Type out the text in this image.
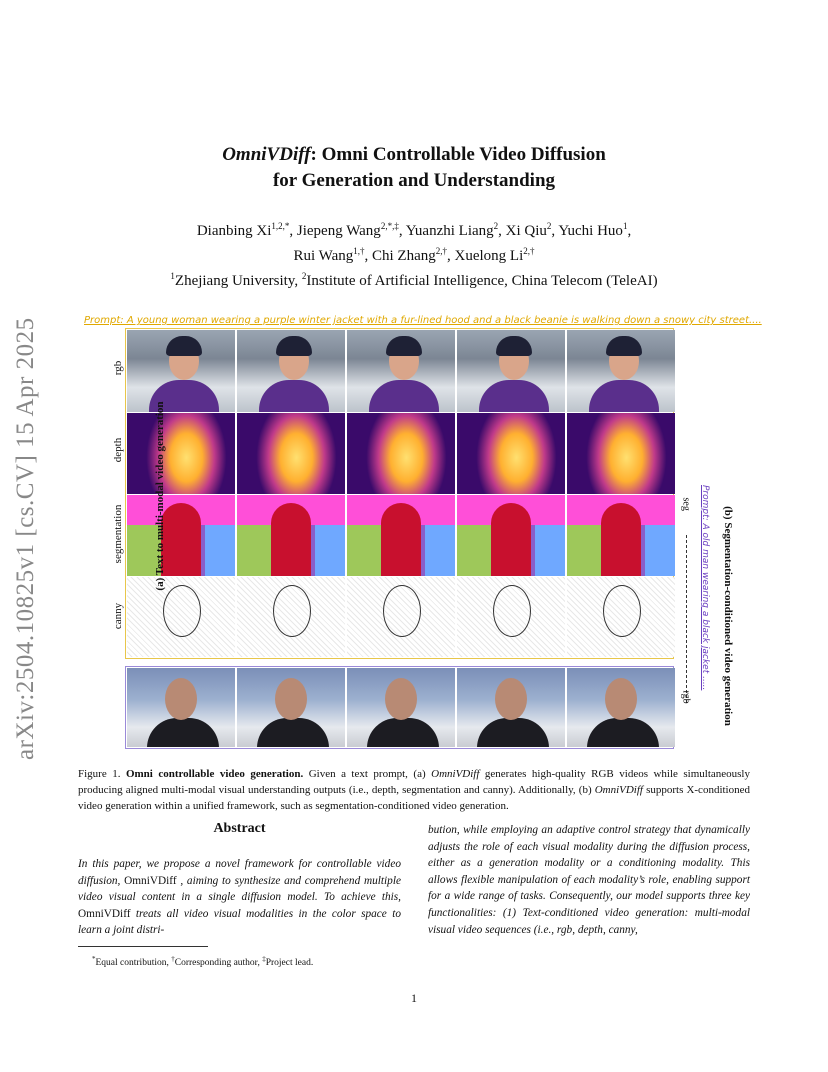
arXiv:2504.10825v1 [cs.CV] 15 Apr 2025
OmniVDiff: Omni Controllable Video Diffusion
for Generation and Understanding
Dianbing $Xi^{1,2,*}$, Jiepeng Wang$^{2,*,\ddagger}$, Yuanzhi Liang$^2$, Xi Qiu$^2$, Yuchi Huo$^1$,
Rui Wang$^{1,\dagger}$, Chi Zhang$^{2,\dagger}$, Xuelong $Li^{2,\dagger}$
$^1$Zhejiang University, $^2$Institute of Artificial Intelligence, China Telecom (TeleAI)
Prompt: A young woman wearing a purple winter jacket with a fur-lined hood and a black beanie is walking down a snowy city street....
rgb
depth
segmentation
canny
(a) Text to multi-modal video generation
(b) Segmentation-conditioned video generation
Prompt: A old man wearing a black jacket .....
seg
rgb
Figure 1. Omni controllable video generation. Given a text prompt, (a) OmniVDiff generates high-quality RGB videos while simultaneously producing aligned multi-modal visual understanding outputs (i.e., depth, segmentation and canny). Additionally, (b) OmniVDiff supports X-conditioned video generation within a unified framework, such as segmentation-conditioned video generation.
Abstract
In this paper, we propose a novel framework for controllable video diffusion, OmniVDiff , aiming to synthesize and comprehend multiple video visual content in a single diffusion model. To achieve this, OmniVDiff treats all video visual modalities in the color space to learn a joint distri-
bution, while employing an adaptive control strategy that dynamically adjusts the role of each visual modality during the diffusion process, either as a generation modality or a conditioning modality. This allows flexible manipulation of each modality’s role, enabling support for a wide range of tasks. Consequently, our model supports three key functionalities: (1) Text-conditioned video generation: multi-modal visual video sequences (i.e., rgb, depth, canny,
*Equal contribution, †Corresponding author, ‡Project lead.
1
